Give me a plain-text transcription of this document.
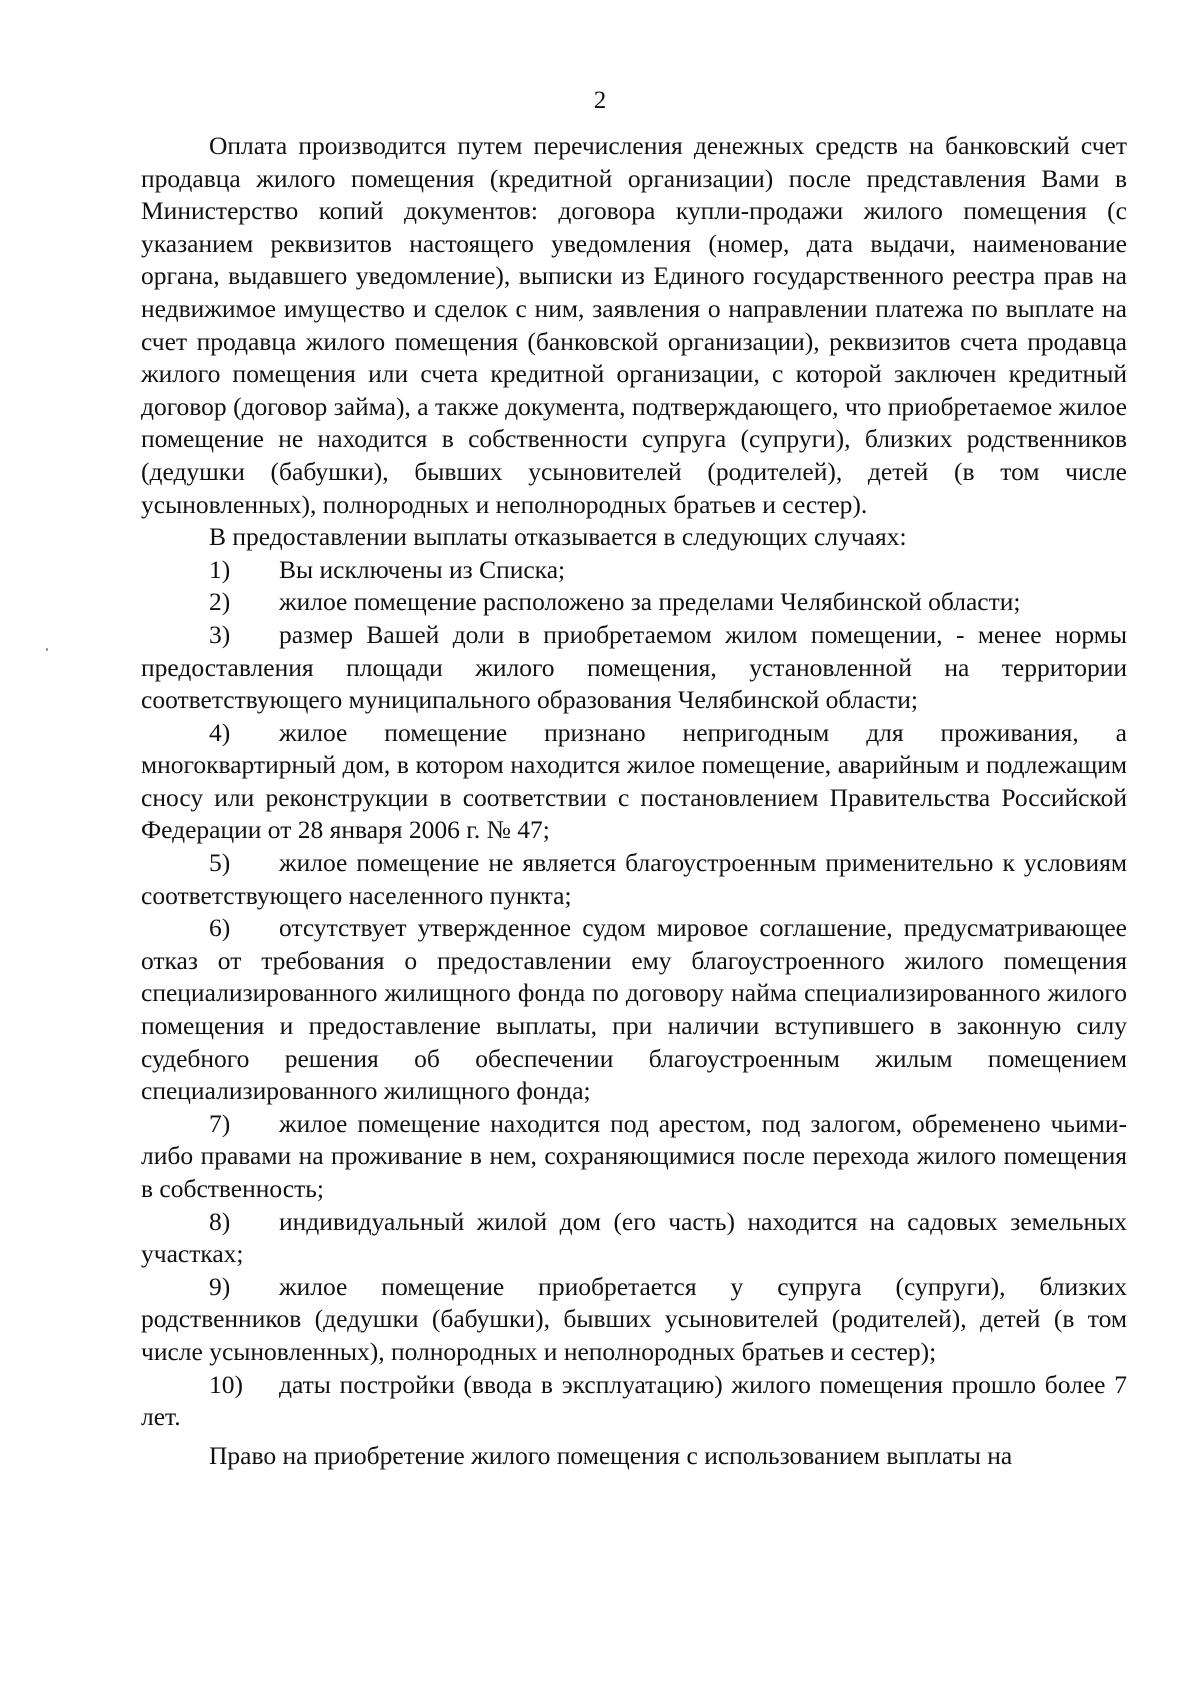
2

Оплата производится путем перечисления денежных средств на банковский счет продавца жилого помещения (кредитной организации) после представления Вами в Министерство копий документов: договора купли-продажи жилого помещения (с указанием реквизитов настоящего уведомления (номер, дата выдачи, наименование органа, выдавшего уведомление), выписки из Единого государственного реестра прав на недвижимое имущество и сделок с ним, заявления о направлении платежа по выплате на счет продавца жилого помещения (банковской организации), реквизитов счета продавца жилого помещения или счета кредитной организации, с которой заключен кредитный договор (договор займа), а также документа, подтверждающего, что приобретаемое жилое помещение не находится в собственности супруга (супруги), близких родственников (дедушки (бабушки), бывших усыновителей (родителей), детей (в том числе усыновленных), полнородных и неполнородных братьев и сестер).

В предоставлении выплаты отказывается в следующих случаях:

1) Вы исключены из Списка;

2) жилое помещение расположено за пределами Челябинской области;

3) размер Вашей доли в приобретаемом жилом помещении, - менее нормы предоставления площади жилого помещения, установленной на территории соответствующего муниципального образования Челябинской области;

4) жилое помещение признано непригодным для проживания, а многоквартирный дом, в котором находится жилое помещение, аварийным и подлежащим сносу или реконструкции в соответствии с постановлением Правительства Российской Федерации от 28 января 2006 г. № 47;

5) жилое помещение не является благоустроенным применительно к условиям соответствующего населенного пункта;

6) отсутствует утвержденное судом мировое соглашение, предусматривающее отказ от требования о предоставлении ему благоустроенного жилого помещения специализированного жилищного фонда по договору найма специализированного жилого помещения и предоставление выплаты, при наличии вступившего в законную силу судебного решения об обеспечении благоустроенным жилым помещением специализированного жилищного фонда;

7) жилое помещение находится под арестом, под залогом, обременено чьими-либо правами на проживание в нем, сохраняющимися после перехода жилого помещения в собственность;

8) индивидуальный жилой дом (его часть) находится на садовых земельных участках;

9) жилое помещение приобретается у супруга (супруги), близких родственников (дедушки (бабушки), бывших усыновителей (родителей), детей (в том числе усыновленных), полнородных и неполнородных братьев и сестер);

10) даты постройки (ввода в эксплуатацию) жилого помещения прошло более 7 лет.

Право на приобретение жилого помещения с использованием выплаты на
